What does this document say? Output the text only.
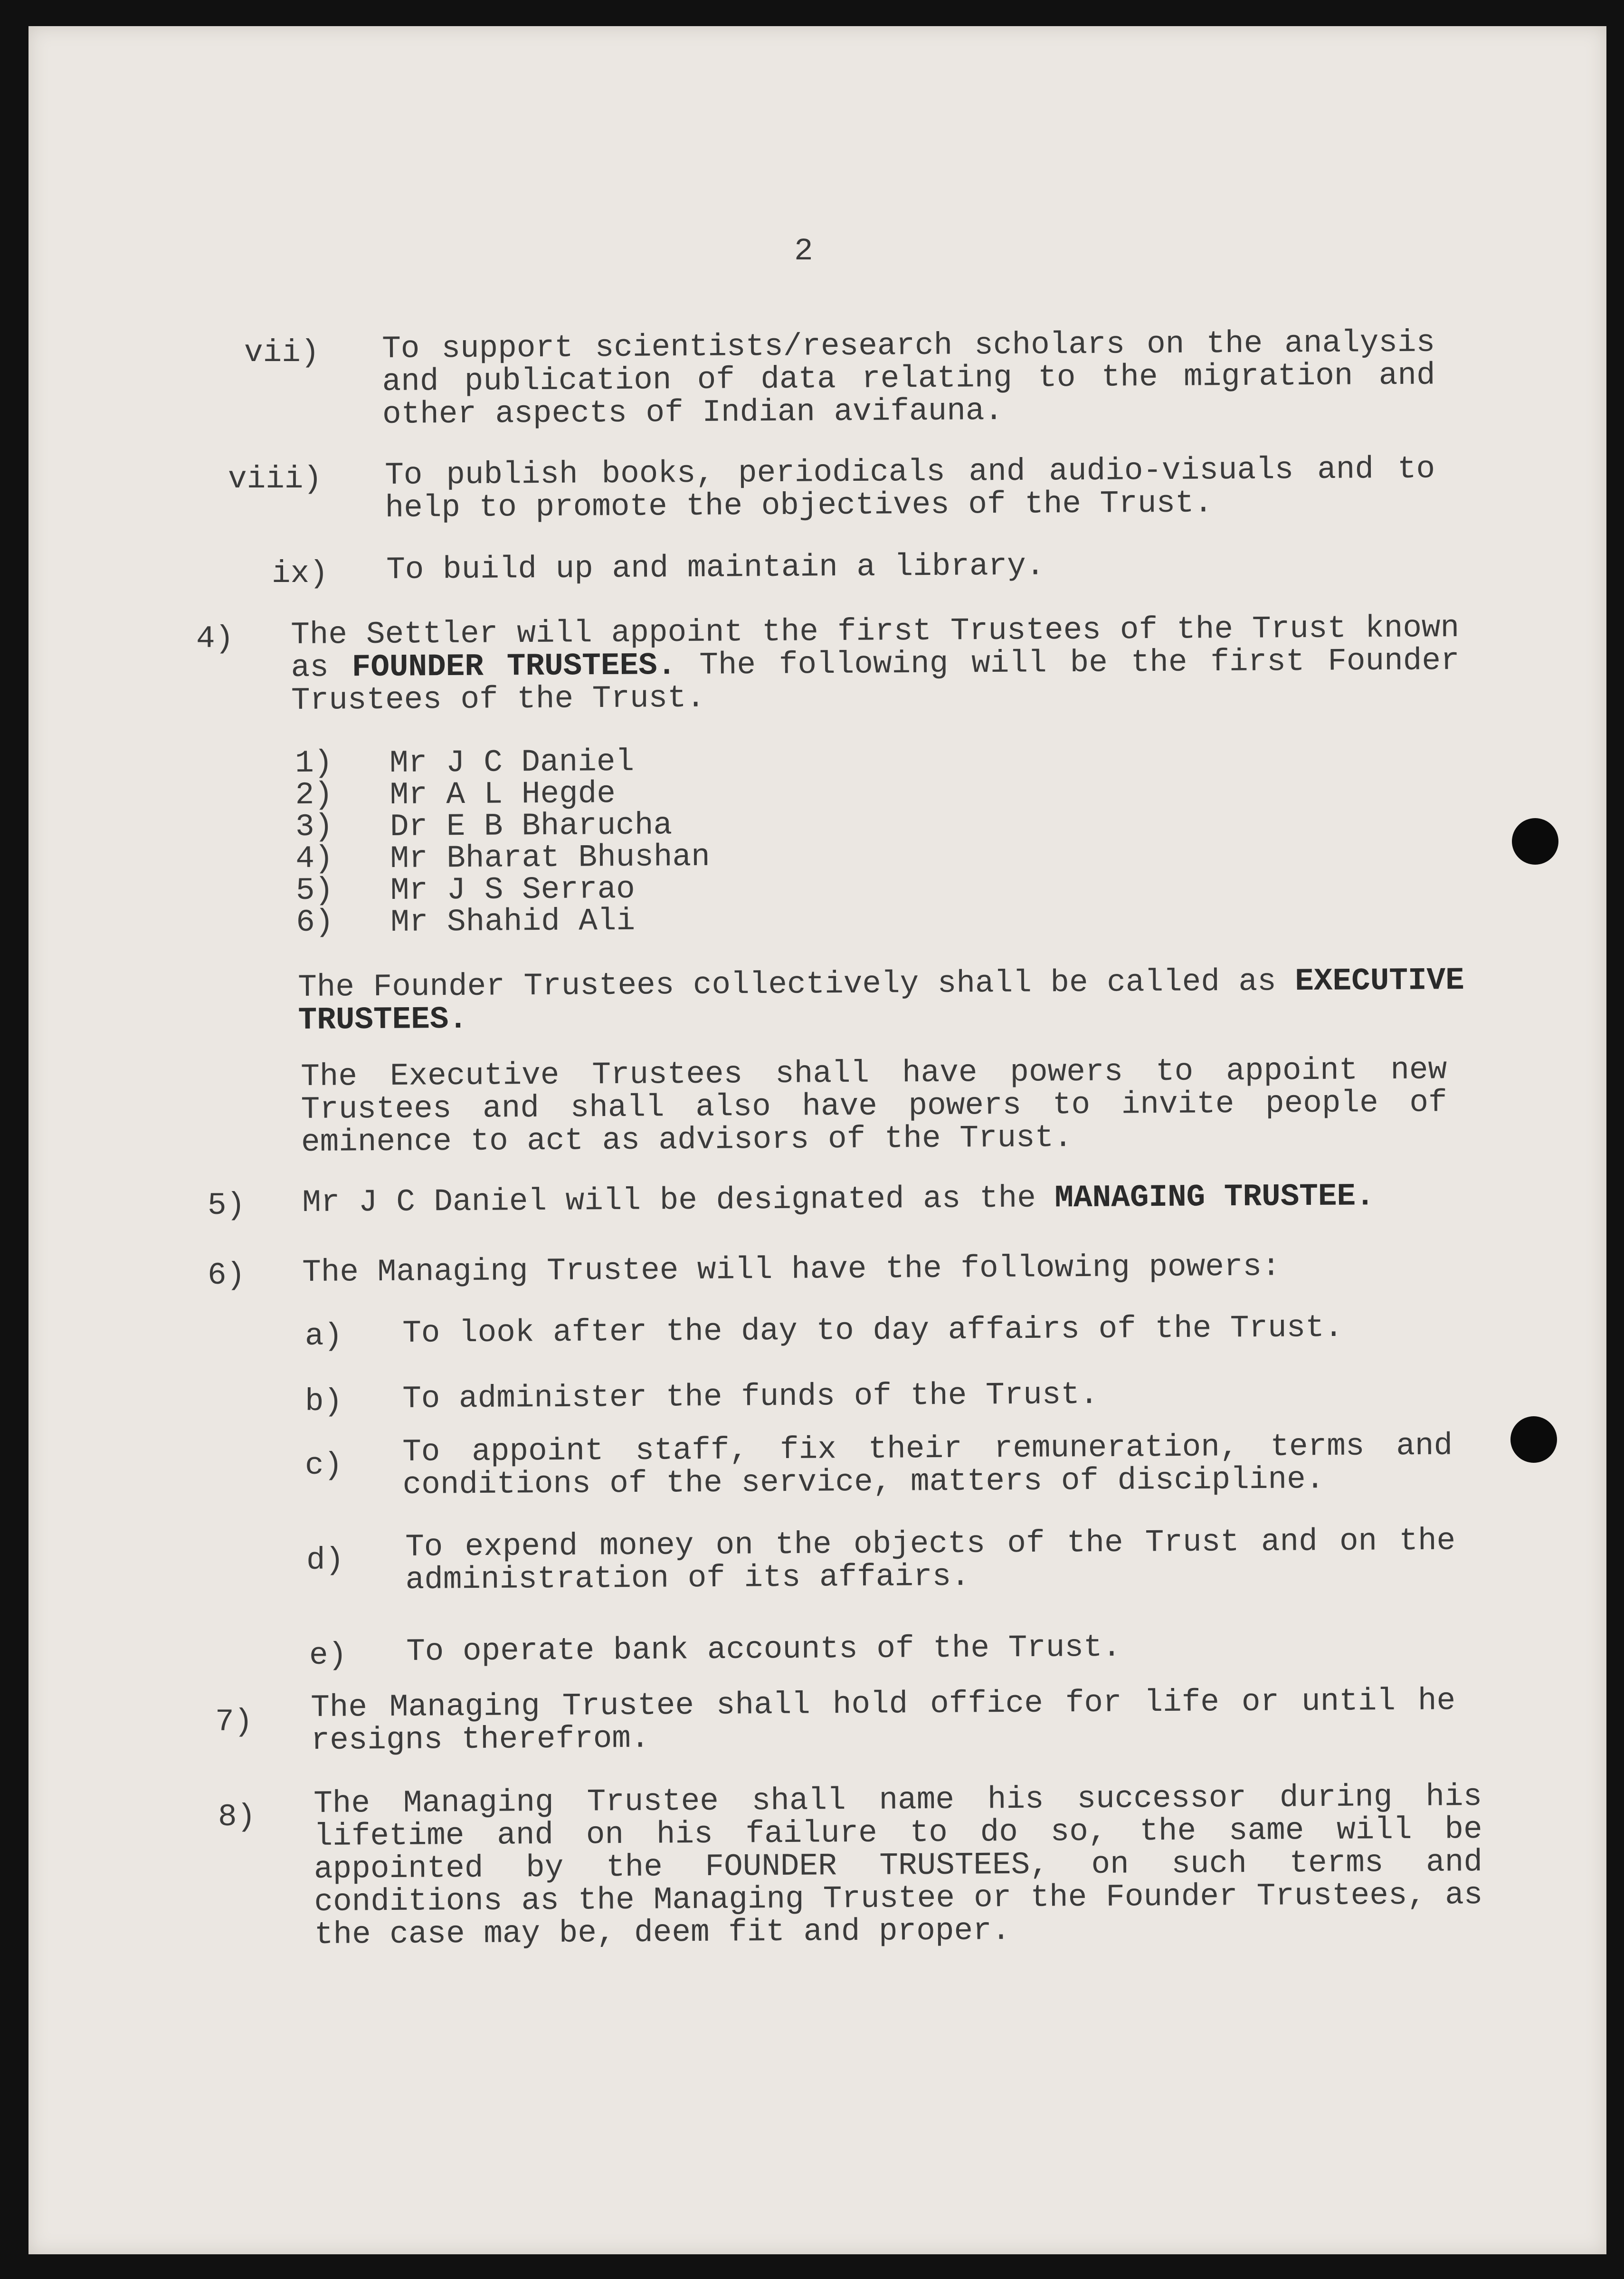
2
vii) To support scientists/research scholars on the analysis
and publication of data relating to the migration and
other aspects of Indian avifauna.
viii) To publish books, periodicals and audio-visuals and to
help to promote the objectives of the Trust.
ix) To build up and maintain a library.
4) The Settler will appoint the first Trustees of the Trust known
as FOUNDER TRUSTEES. The following will be the first Founder
Trustees of the Trust.
1)
2)
3)
4)
5)
6)
Mr J C Daniel
Mr A L Hegde
Dr E B Bharucha
Mr Bharat Bhushan
Mr J S Serrao
Mr Shahid Ali
The Founder Trustees collectively shall be called as EXECUTIVE
TRUSTEES.
The Executive Trustees shall have powers to appoint new
Trustees and shall also have powers to invite people of
eminence to act as advisors of the Trust.
5) Mr J C Daniel will be designated as the MANAGING TRUSTEE.
6) The Managing Trustee will have the following powers:
a) To look after the day to day affairs of the Trust.
b) To administer the funds of the Trust.
c) To appoint staff, fix their remuneration, terms and
conditions of the service, matters of discipline.
d) To expend money on the objects of the Trust and on the
administration of its affairs.
e) To operate bank accounts of the Trust.
7) The Managing Trustee shall hold office for life or until he
resigns therefrom.
8) The Managing Trustee shall name his successor during his
lifetime and on his failure to do so, the same will be
appointed by the FOUNDER TRUSTEES, on such terms and
conditions as the Managing Trustee or the Founder Trustees, as
the case may be, deem fit and proper.
